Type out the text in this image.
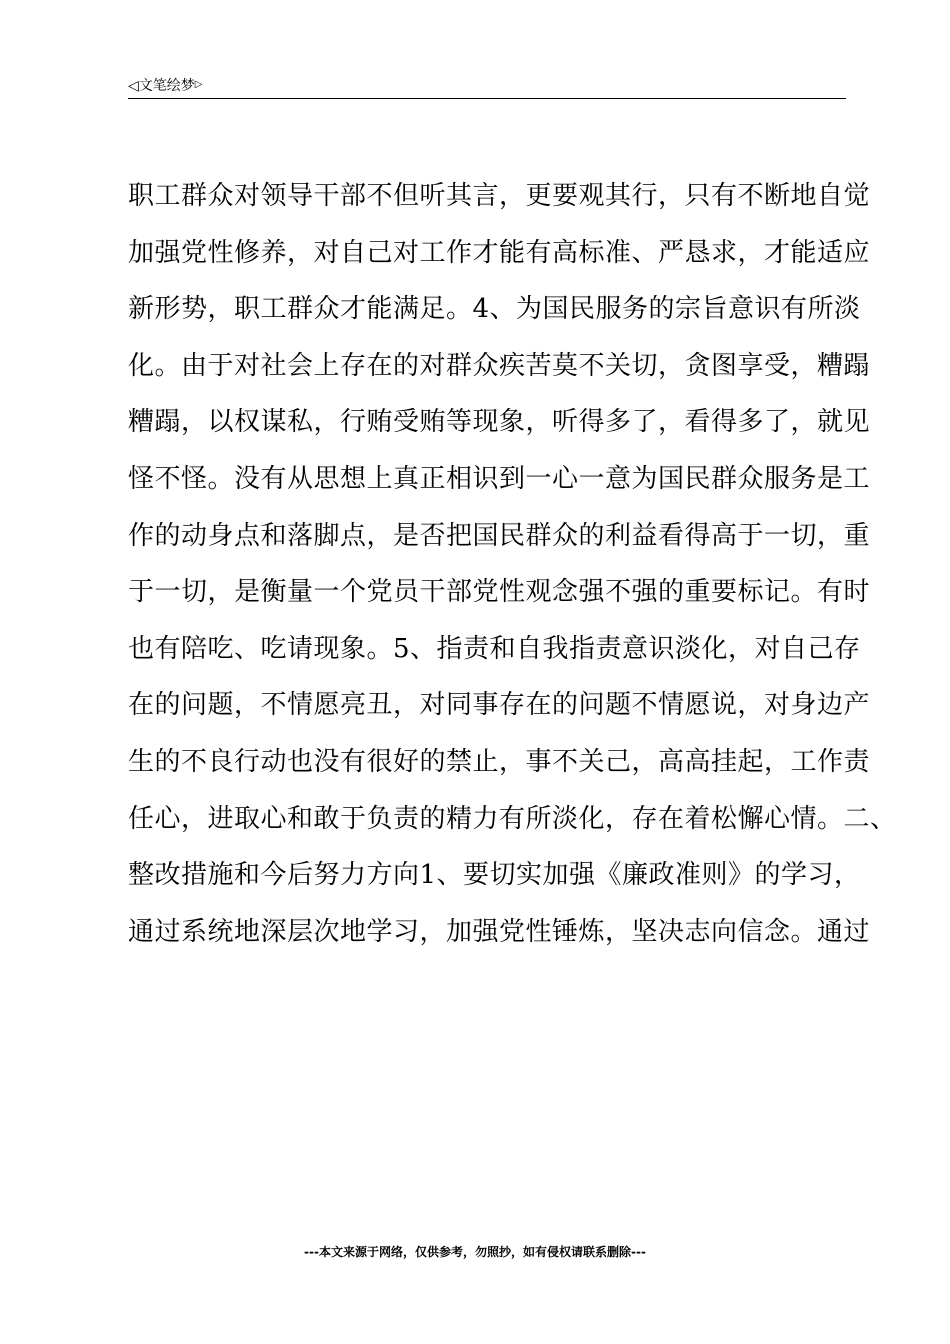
◁文笔绘梦▷
职工群众对领导干部不但听其言，更要观其行，只有不断地自觉
加强党性修养，对自己对工作才能有高标准、严恳求，才能适应
新形势，职工群众才能满足。4、为国民服务的宗旨意识有所淡
化。由于对社会上存在的对群众疾苦莫不关切，贪图享受，糟蹋
糟蹋，以权谋私，行贿受贿等现象，听得多了，看得多了，就见
怪不怪。没有从思想上真正相识到一心一意为国民群众服务是工
作的动身点和落脚点，是否把国民群众的利益看得高于一切，重
于一切，是衡量一个党员干部党性观念强不强的重要标记。有时
也有陪吃、吃请现象。5、指责和自我指责意识淡化，对自己存
在的问题，不情愿亮丑，对同事存在的问题不情愿说，对身边产
生的不良行动也没有很好的禁止，事不关己，高高挂起，工作责
任心，进取心和敢于负责的精力有所淡化，存在着松懈心情。二、
整改措施和今后努力方向1、要切实加强《廉政准则》的学习，
通过系统地深层次地学习，加强党性锤炼，坚决志向信念。通过
---本文来源于网络，仅供参考，勿照抄，如有侵权请联系删除---
